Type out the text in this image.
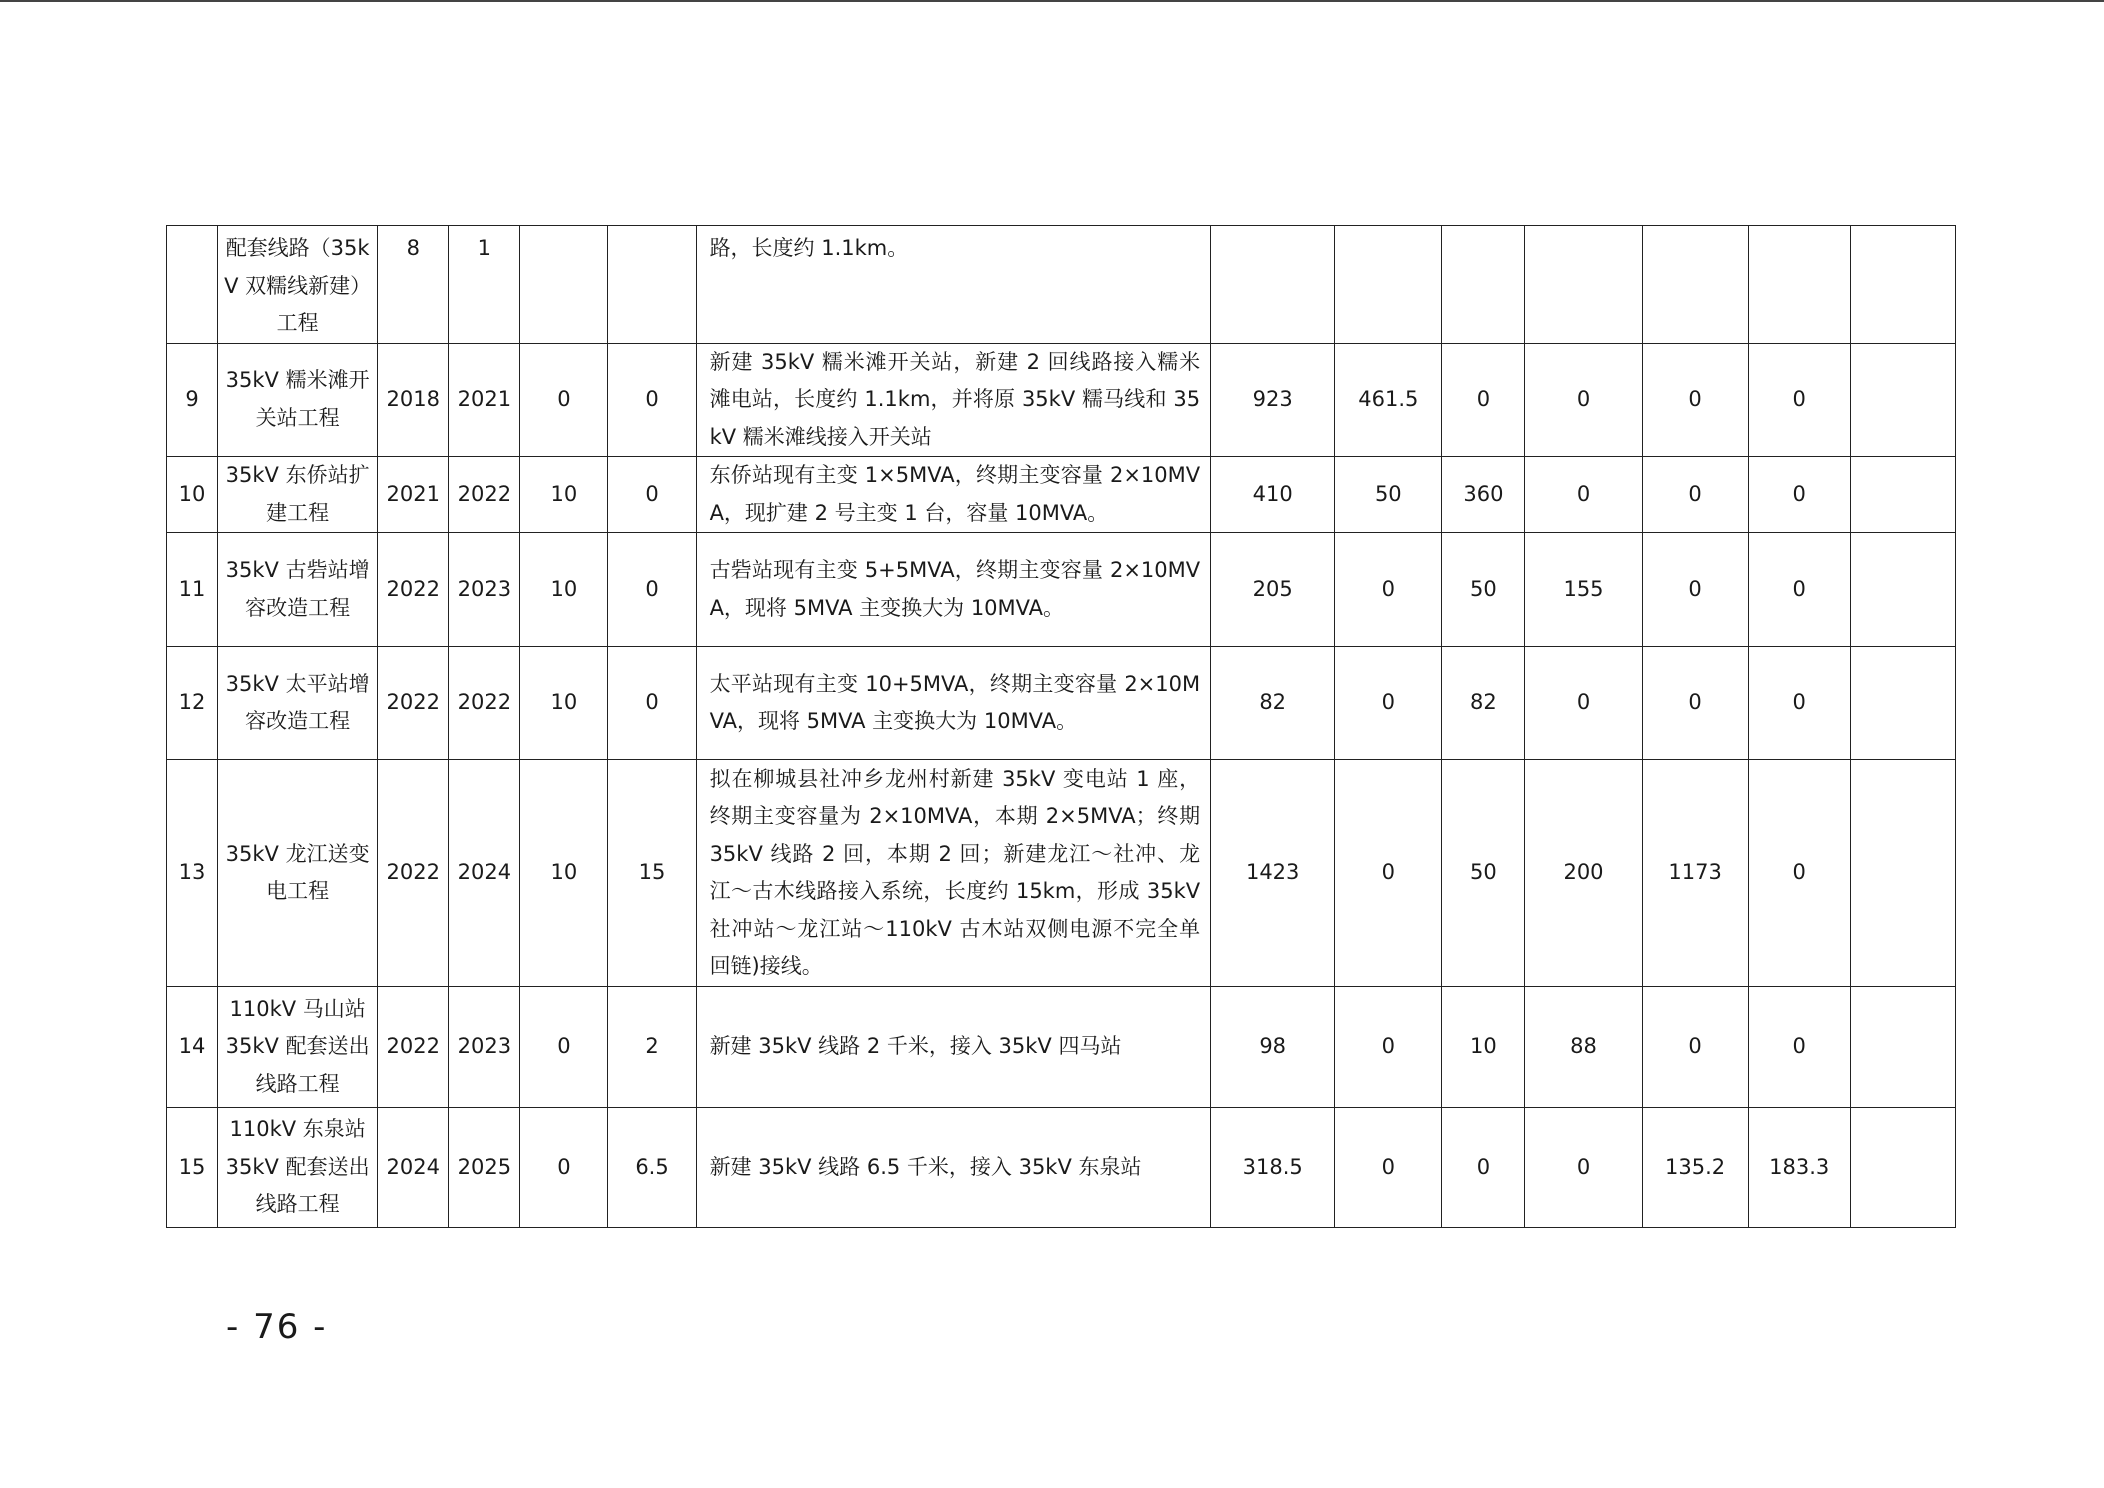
	配套线路（35kV 双糯线新建）工程	8	1			路，长度约 1.1km。							
9	35kV 糯米滩开关站工程	2018	2021	0	0	新建 35kV 糯米滩开关站，新建 2 回线路接入糯米滩电站，长度约 1.1km，并将原 35kV 糯马线和 35kV 糯米滩线接入开关站	923	461.5	0	0	0	0	
10	35kV 东侨站扩建工程	2021	2022	10	0	东侨站现有主变 1×5MVA，终期主变容量 2×10MVA，现扩建 2 号主变 1 台，容量 10MVA。	410	50	360	0	0	0	
11	35kV 古砦站增容改造工程	2022	2023	10	0	古砦站现有主变 5+5MVA，终期主变容量 2×10MVA，现将 5MVA 主变换大为 10MVA。	205	0	50	155	0	0	
12	35kV 太平站增容改造工程	2022	2022	10	0	太平站现有主变 10+5MVA，终期主变容量 2×10MVA，现将 5MVA 主变换大为 10MVA。	82	0	82	0	0	0	
13	35kV 龙江送变电工程	2022	2024	10	15	拟在柳城县社冲乡龙州村新建 35kV 变电站 1 座，终期主变容量为 2×10MVA，本期 2×5MVA；终期 35kV 线路 2 回，本期 2 回；新建龙江～社冲、龙江～古木线路接入系统，长度约 15km，形成 35kV 社冲站～龙江站～110kV 古木站双侧电源不完全单回链)接线。	1423	0	50	200	1173	0	
14	110kV 马山站 35kV 配套送出线路工程	2022	2023	0	2	新建 35kV 线路 2 千米，接入 35kV 四马站	98	0	10	88	0	0	
15	110kV 东泉站 35kV 配套送出线路工程	2024	2025	0	6.5	新建 35kV 线路 6.5 千米，接入 35kV 东泉站	318.5	0	0	0	135.2	183.3	
- 76 -
